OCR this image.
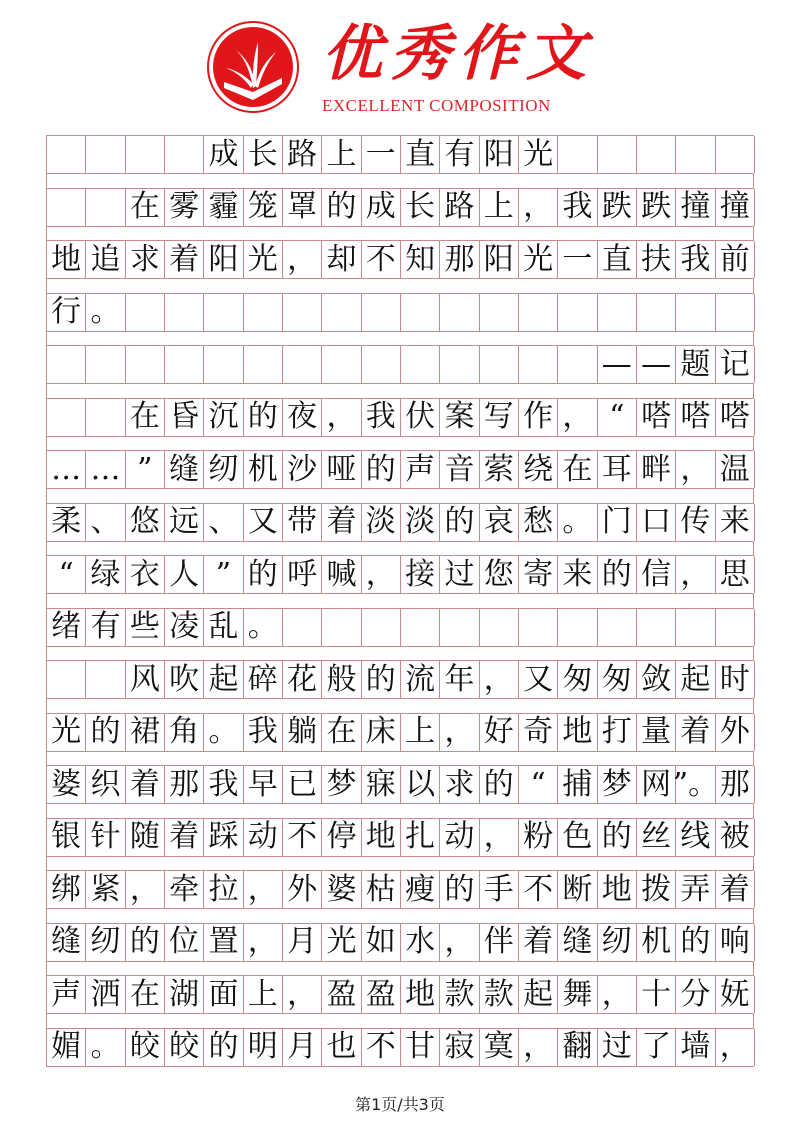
优秀作文
EXCELLENT COMPOSITION
成 长 路 上 一 直 有 阳 光
在 雾 霾 笼 罩 的 成 长 路 上 ， 我 跌 跌 撞 撞
地 追 求 着 阳 光 ， 却 不 知 那 阳 光 一 直 扶 我 前
行 。
— — 题 记
在 昏 沉 的 夜 ， 我 伏 案 写 作 ， “ 嗒 嗒 嗒
… … ” 缝 纫 机 沙 哑 的 声 音 萦 绕 在 耳 畔 ， 温
柔 、 悠 远 、 又 带 着 淡 淡 的 哀 愁 。 门 口 传 来
“ 绿 衣 人 ” 的 呼 喊 ， 接 过 您 寄 来 的 信 ， 思
绪 有 些 凌 乱 。
风 吹 起 碎 花 般 的 流 年 ， 又 匆 匆 敛 起 时
光 的 裙 角 。 我 躺 在 床 上 ， 好 奇 地 打 量 着 外
婆 织 着 那 我 早 已 梦 寐 以 求 的 “ 捕 梦 网 ”。 那
银 针 随 着 踩 动 不 停 地 扎 动 ， 粉 色 的 丝 线 被
绑 紧 ， 牵 拉 ， 外 婆 枯 瘦 的 手 不 断 地 拨 弄 着
缝 纫 的 位 置 ， 月 光 如 水 ， 伴 着 缝 纫 机 的 响
声 洒 在 湖 面 上 ， 盈 盈 地 款 款 起 舞 ， 十 分 妩
媚 。 皎 皎 的 明 月 也 不 甘 寂 寞 ， 翻 过 了 墙 ，
第1页/共3页
